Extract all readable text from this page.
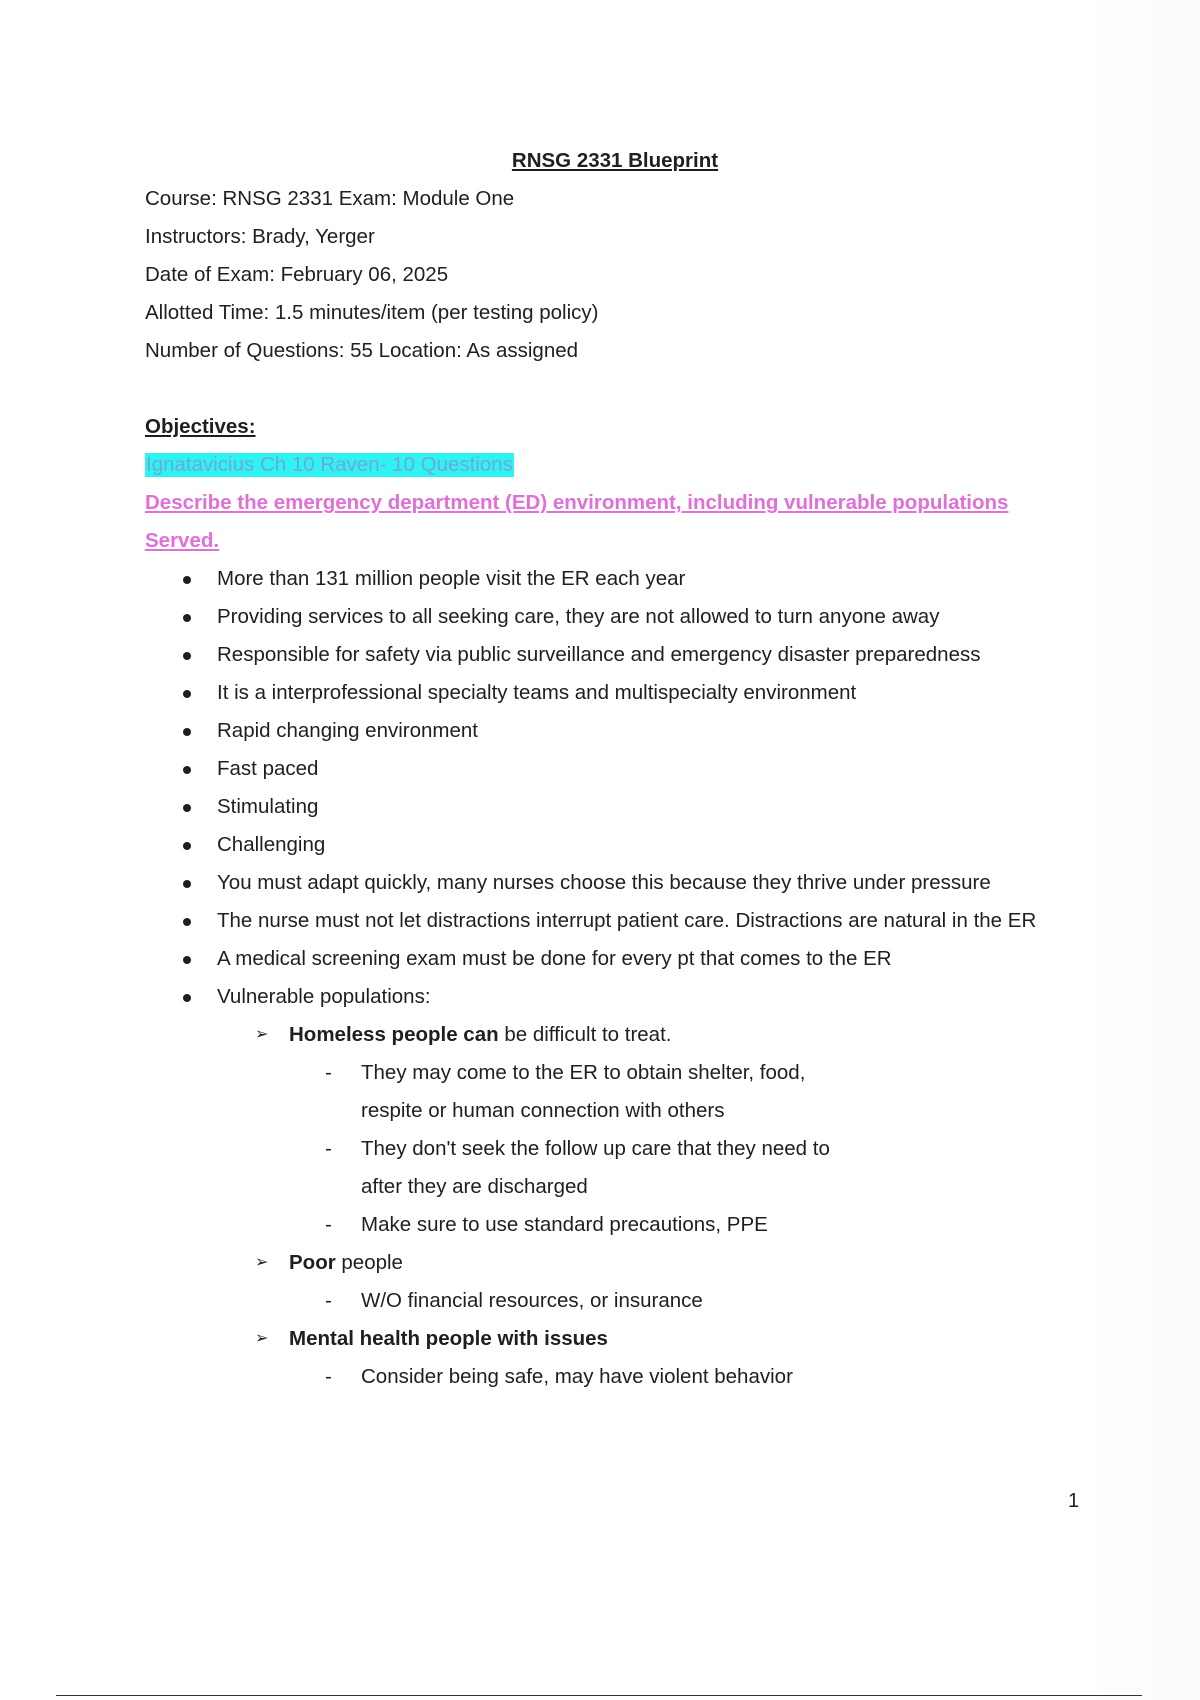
RNSG 2331 Blueprint
Course: RNSG 2331 Exam: Module One
Instructors: Brady, Yerger
Date of Exam: February 06, 2025
Allotted Time: 1.5 minutes/item (per testing policy)
Number of Questions: 55 Location: As assigned
Objectives:
Ignatavicius Ch 10 Raven- 10 Questions
Describe the emergency department (ED) environment, including vulnerable populations Served.
More than 131 million people visit the ER each year
Providing services to all seeking care, they are not allowed to turn anyone away
Responsible for safety via public surveillance and emergency disaster preparedness
It is a interprofessional specialty teams and multispecialty environment
Rapid changing environment
Fast paced
Stimulating
Challenging
You must adapt quickly, many nurses choose this because they thrive under pressure
The nurse must not let distractions interrupt patient care. Distractions are natural in the ER
A medical screening exam must be done for every pt that comes to the ER
Vulnerable populations:
➢ Homeless people can be difficult to treat.
- They may come to the ER to obtain shelter, food, respite or human connection with others
- They don't seek the follow up care that they need to after they are discharged
- Make sure to use standard precautions, PPE
➢ Poor people
- W/O financial resources, or insurance
➢ Mental health people with issues
- Consider being safe, may have violent behavior
1
